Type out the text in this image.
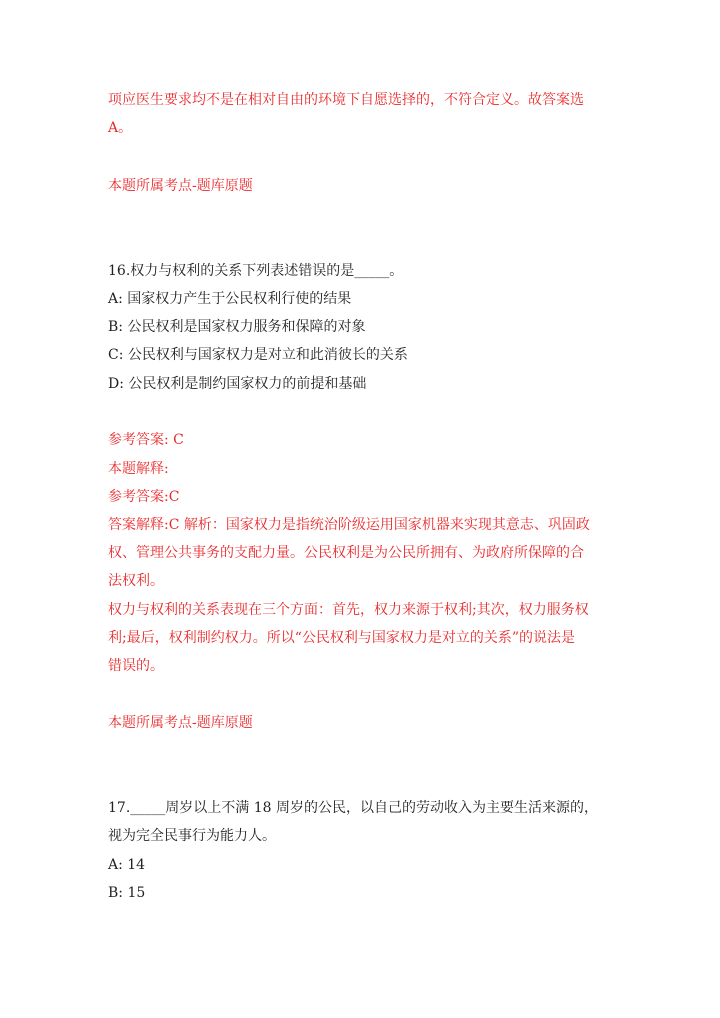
项应医生要求均不是在相对自由的环境下自愿选择的，不符合定义。故答案选
A。
本题所属考点-题库原题
16.权力与权利的关系下列表述错误的是_____。
A: 国家权力产生于公民权利行使的结果
B: 公民权利是国家权力服务和保障的对象
C: 公民权利与国家权力是对立和此消彼长的关系
D: 公民权利是制约国家权力的前提和基础
参考答案: C
本题解释:
参考答案:C
答案解释:C 解析：国家权力是指统治阶级运用国家机器来实现其意志、巩固政
权、管理公共事务的支配力量。公民权利是为公民所拥有、为政府所保障的合
法权利。
权力与权利的关系表现在三个方面：首先，权力来源于权利;其次，权力服务权
利;最后，权利制约权力。所以“公民权利与国家权力是对立的关系”的说法是
错误的。
本题所属考点-题库原题
17._____周岁以上不满 18 周岁的公民，以自己的劳动收入为主要生活来源的，
视为完全民事行为能力人。
A: 14
B: 15
